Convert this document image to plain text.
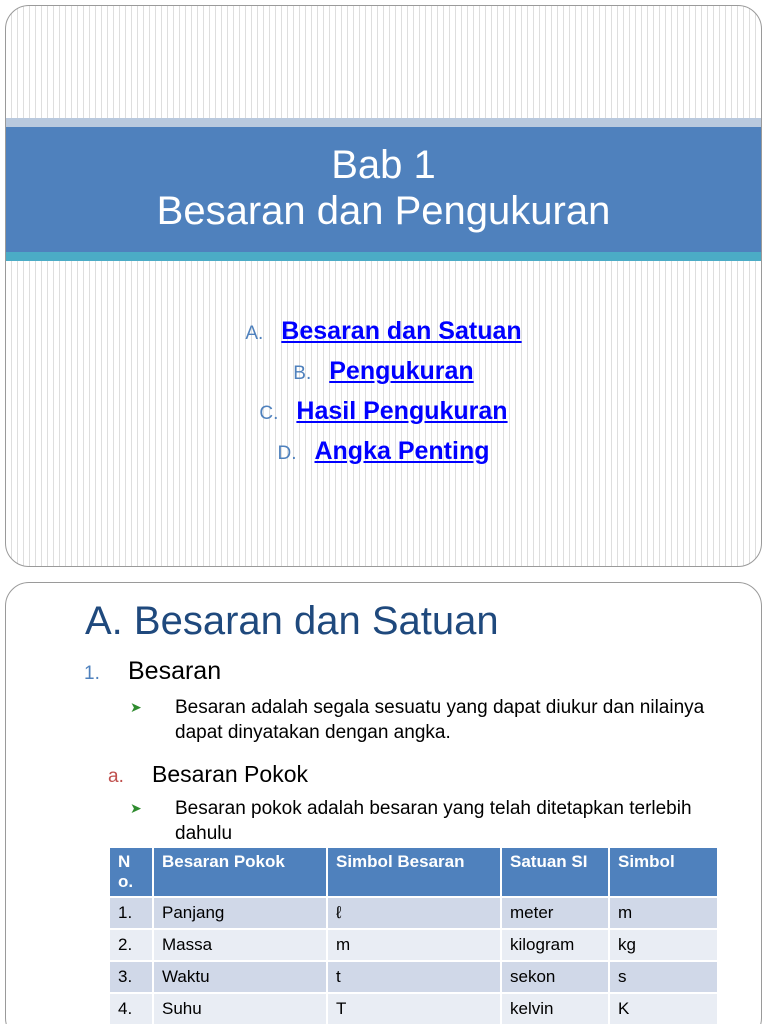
Bab 1

Besaran dan Pengukuran

A. Besaran dan Satuan
B. Pengukuran
C. Hasil Pengukuran
D. Angka Penting
A. Besaran dan Satuan
1. Besaran
➤ Besaran adalah segala sesuatu yang dapat diukur dan nilainya dapat dinyatakan dengan angka.
a. Besaran Pokok
➤ Besaran pokok adalah besaran yang telah ditetapkan terlebih dahulu
No.	Besaran Pokok	Simbol Besaran	Satuan SI	Simbol
1.	Panjang	ℓ	meter	m
2.	Massa	m	kilogram	kg
3.	Waktu	t	sekon	s
4.	Suhu	T	kelvin	K
